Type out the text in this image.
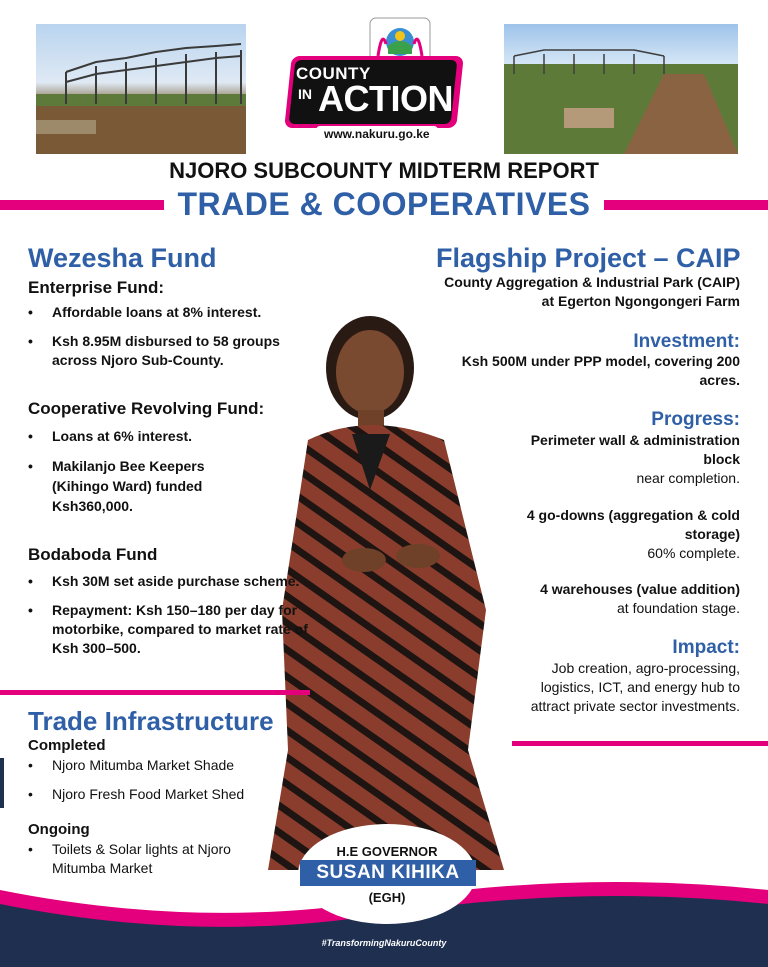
COUNTY
IN ACTION
www.nakuru.go.ke
NJORO SUBCOUNTY MIDTERM REPORT
TRADE & COOPERATIVES
Wezesha Fund
Enterprise Fund:
• Affordable loans at 8% interest.
• Ksh 8.95M disbursed to 58 groups across Njoro Sub-County.
Cooperative Revolving Fund:
• Loans at 6% interest.
• Makilanjo Bee Keepers (Kihingo Ward) funded Ksh360,000.
Bodaboda Fund
• Ksh 30M set aside purchase scheme.
• Repayment: Ksh 150–180 per day for motorbike, compared to market rate of Ksh 300–500.
Trade Infrastructure
Completed
• Njoro Mitumba Market Shade
• Njoro Fresh Food Market Shed
Ongoing
• Toilets & Solar lights at Njoro Mitumba Market
Flagship Project – CAIP
County Aggregation & Industrial Park (CAIP)
at Egerton Ngongongeri Farm
Investment:
Ksh 500M under PPP model, covering 200
acres.
Progress:
Perimeter wall & administration
block
near completion.
4 go-downs (aggregation & cold
storage)
60% complete.
4 warehouses (value addition)
at foundation stage.
Impact:
Job creation, agro-processing,
logistics, ICT, and energy hub to
attract private sector investments.
H.E GOVERNOR
SUSAN KIHIKA
(EGH)
#TransformingNakuruCounty
